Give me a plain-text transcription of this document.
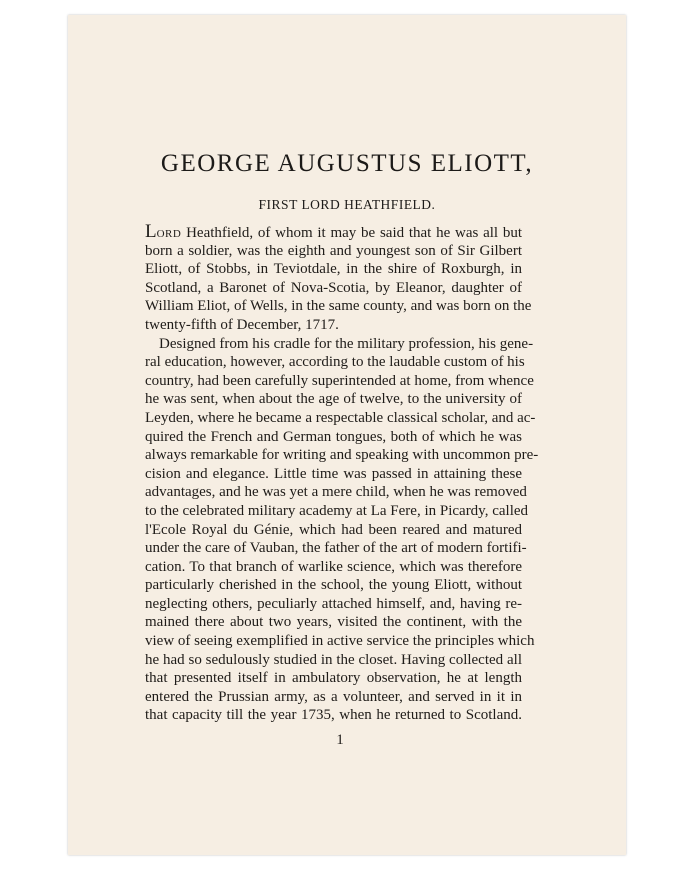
GEORGE AUGUSTUS ELIOTT,
FIRST LORD HEATHFIELD.
Lord Heathfield, of whom it may be said that he was all but
born a soldier, was the eighth and youngest son of Sir Gilbert
Eliott, of Stobbs, in Teviotdale, in the shire of Roxburgh, in
Scotland, a Baronet of Nova-Scotia, by Eleanor, daughter of
William Eliot, of Wells, in the same county, and was born on the
twenty-fifth of December, 1717.
Designed from his cradle for the military profession, his gene-
ral education, however, according to the laudable custom of his
country, had been carefully superintended at home, from whence
he was sent, when about the age of twelve, to the university of
Leyden, where he became a respectable classical scholar, and ac-
quired the French and German tongues, both of which he was
always remarkable for writing and speaking with uncommon pre-
cision and elegance. Little time was passed in attaining these
advantages, and he was yet a mere child, when he was removed
to the celebrated military academy at La Fere, in Picardy, called
l'Ecole Royal du Génie, which had been reared and matured
under the care of Vauban, the father of the art of modern fortifi-
cation. To that branch of warlike science, which was therefore
particularly cherished in the school, the young Eliott, without
neglecting others, peculiarly attached himself, and, having re-
mained there about two years, visited the continent, with the
view of seeing exemplified in active service the principles which
he had so sedulously studied in the closet. Having collected all
that presented itself in ambulatory observation, he at length
entered the Prussian army, as a volunteer, and served in it in
that capacity till the year 1735, when he returned to Scotland.
1
